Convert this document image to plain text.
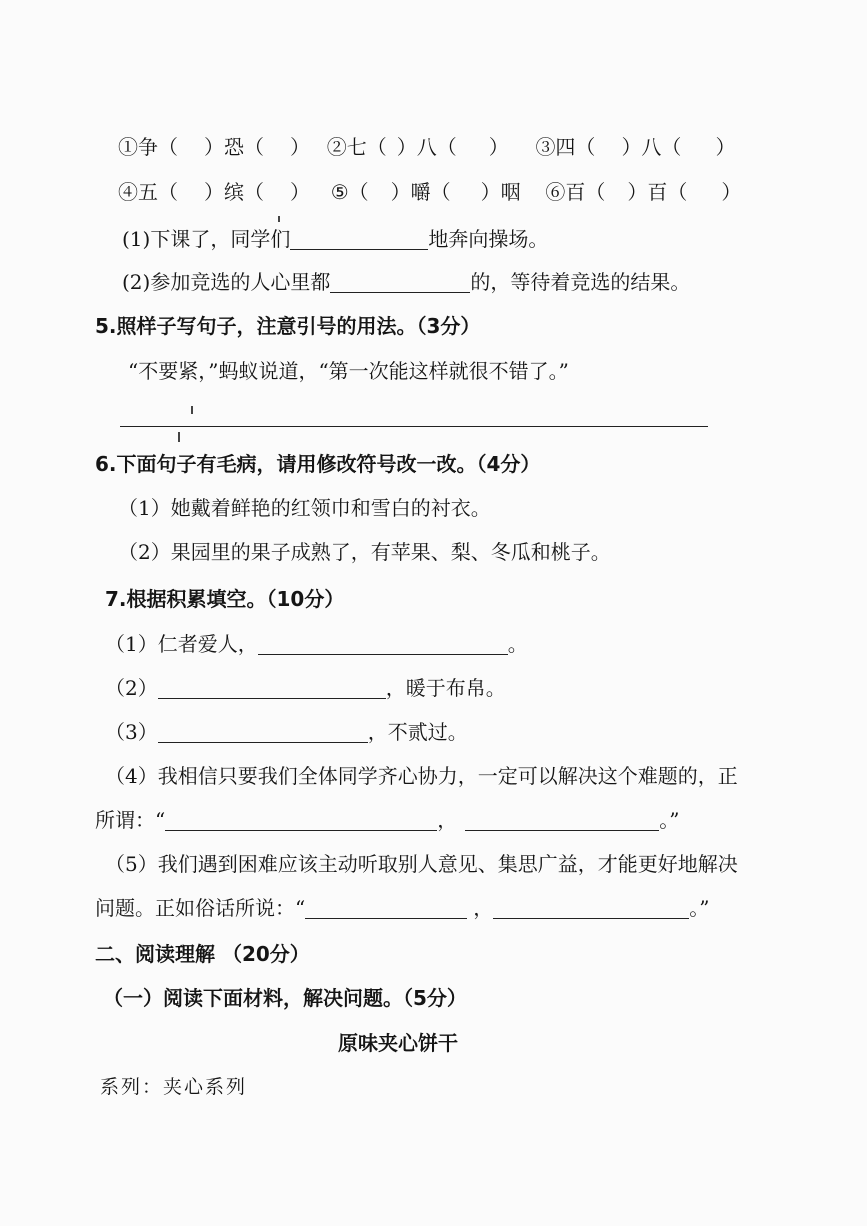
①争（ ）恐（ ） ②七（ ）八（ ） ③四（ ）八（ ）
④五（ ）缤（ ） ⑤（ ）嚼（ ）咽 ⑥百（ ）百（ ）
(1)下课了，同学们	地奔向操场。
(2)参加竞选的人心里都	的，等待着竞选的结果。
5.照样子写句子，注意引号的用法。（3分）
“不要紧，”蚂蚁说道，“第一次能这样就很不错了。”
6.下面句子有毛病，请用修改符号改一改。（4分）
（1）她戴着鲜艳的红领巾和雪白的衬衣。
（2）果园里的果子成熟了，有苹果、梨、冬瓜和桃子。
7.根据积累填空。（10分）
（1）仁者爱人，	。
（2）	，暖于布帛。
（3）	，不贰过。
（4）我相信只要我们全体同学齐心协力，一定可以解决这个难题的，正
所谓：“	，	。”
（5）我们遇到困难应该主动听取别人意见、集思广益，才能更好地解决
问题。正如俗话所说：“	，	。”
二、阅读理解 （20分）
（一）阅读下面材料，解决问题。（5分）
原味夹心饼干
系列：夹心系列
